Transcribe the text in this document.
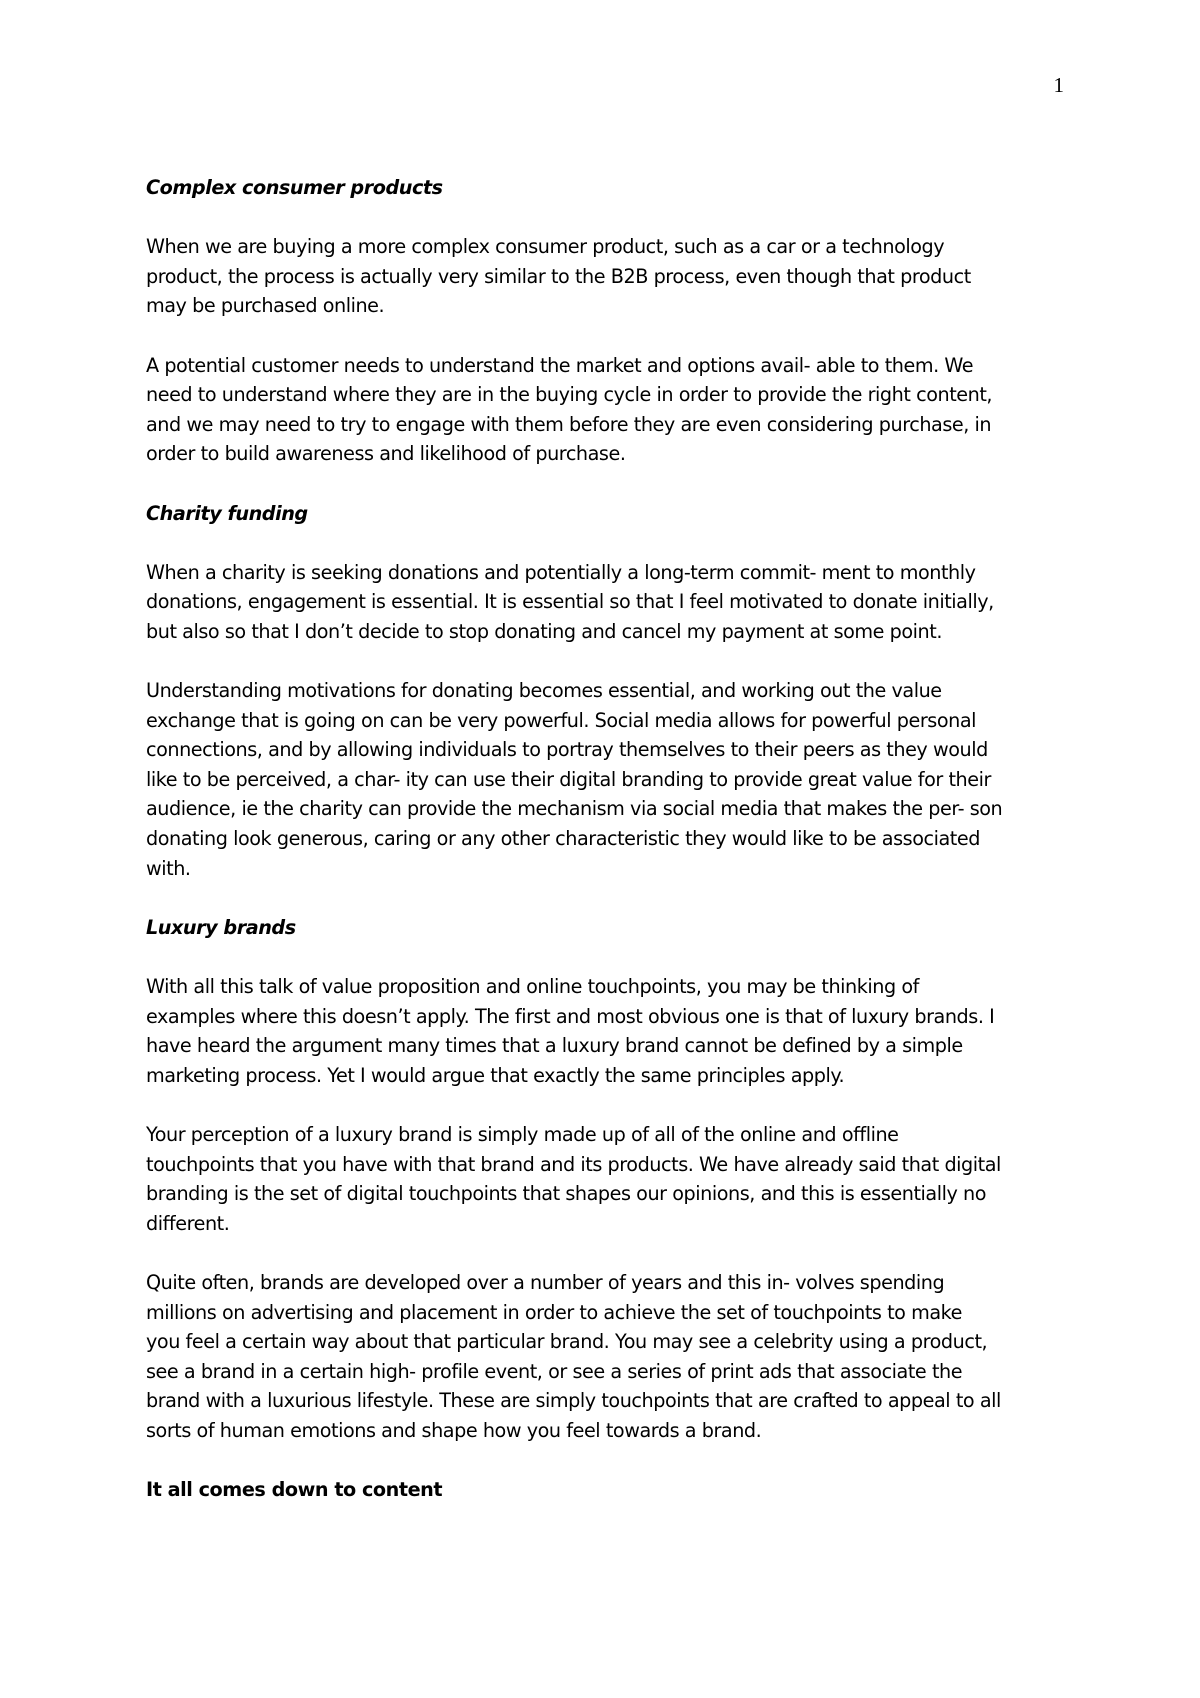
1
Complex consumer products
When we are buying a more complex consumer product, such as a car or a technology
product, the process is actually very similar to the B2B process, even though that product
may be purchased online.
A potential customer needs to understand the market and options avail- able to them. We
need to understand where they are in the buying cycle in order to provide the right content,
and we may need to try to engage with them before they are even considering purchase, in
order to build awareness and likelihood of purchase.
Charity funding
When a charity is seeking donations and potentially a long-term commit- ment to monthly
donations, engagement is essential. It is essential so that I feel motivated to donate initially,
but also so that I don’t decide to stop donating and cancel my payment at some point.
Understanding motivations for donating becomes essential, and working out the value
exchange that is going on can be very powerful. Social media allows for powerful personal
connections, and by allowing individuals to portray themselves to their peers as they would
like to be perceived, a char- ity can use their digital branding to provide great value for their
audience, ie the charity can provide the mechanism via social media that makes the per- son
donating look generous, caring or any other characteristic they would like to be associated
with.
Luxury brands
With all this talk of value proposition and online touchpoints, you may be thinking of
examples where this doesn’t apply. The first and most obvious one is that of luxury brands. I
have heard the argument many times that a luxury brand cannot be defined by a simple
marketing process. Yet I would argue that exactly the same principles apply.
Your perception of a luxury brand is simply made up of all of the online and offline
touchpoints that you have with that brand and its products. We have already said that digital
branding is the set of digital touchpoints that shapes our opinions, and this is essentially no
different.
Quite often, brands are developed over a number of years and this in- volves spending
millions on advertising and placement in order to achieve the set of touchpoints to make
you feel a certain way about that particular brand. You may see a celebrity using a product,
see a brand in a certain high- profile event, or see a series of print ads that associate the
brand with a luxurious lifestyle. These are simply touchpoints that are crafted to appeal to all
sorts of human emotions and shape how you feel towards a brand.
It all comes down to content
